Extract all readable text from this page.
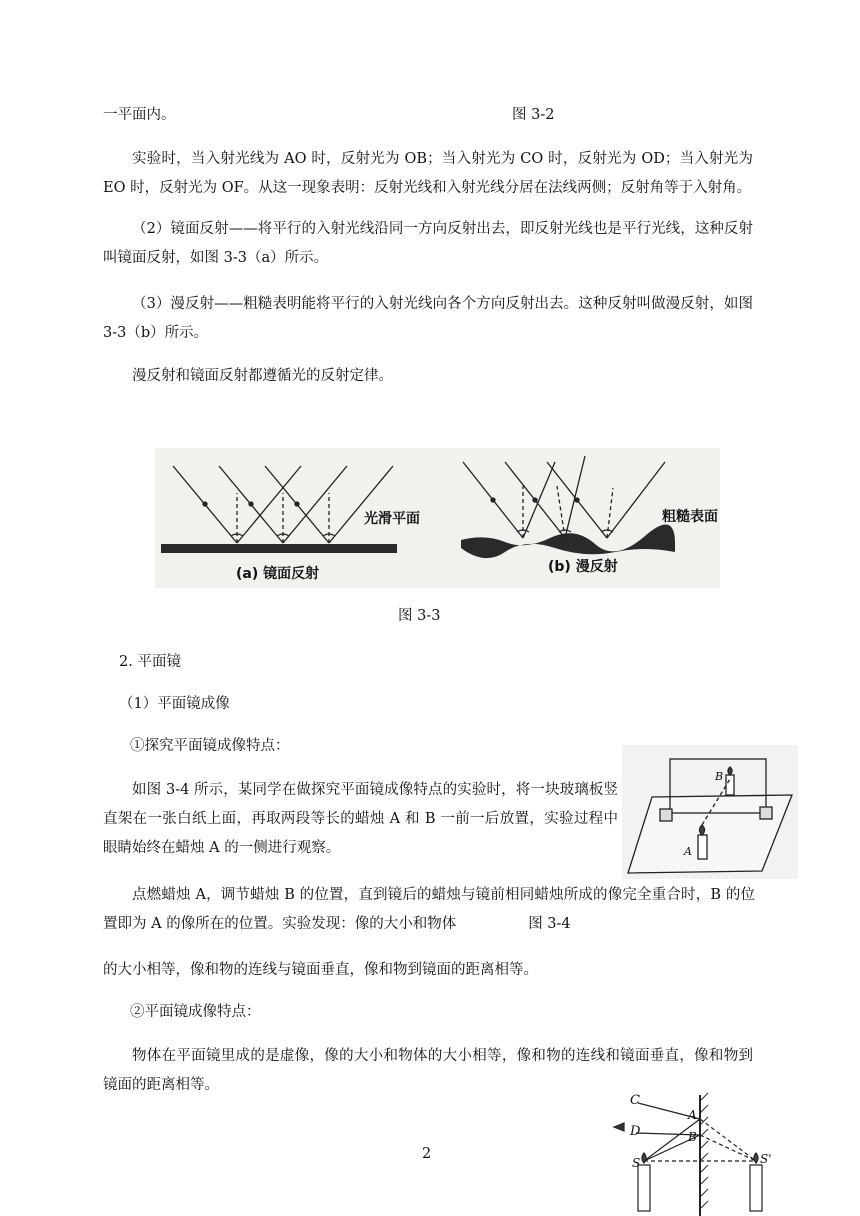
一平面内。	图 3-2
实验时，当入射光线为 AO 时，反射光为 OB；当入射光为 CO 时，反射光为 OD；当入射光为 EO 时，反射光为 OF。从这一现象表明：反射光线和入射光线分居在法线两侧；反射角等于入射角。
（2）镜面反射——将平行的入射光线沿同一方向反射出去，即反射光线也是平行光线，这种反射叫镜面反射，如图 3-3（a）所示。
（3）漫反射——粗糙表明能将平行的入射光线向各个方向反射出去。这种反射叫做漫反射，如图 3-3（b）所示。
漫反射和镜面反射都遵循光的反射定律。
光滑平面	粗糙表面
(a) 镜面反射	(b) 漫反射
图 3-3
2. 平面镜
（1）平面镜成像
①探究平面镜成像特点：
如图 3-4 所示，某同学在做探究平面镜成像特点的实验时，将一块玻璃板竖直架在一张白纸上面，再取两段等长的蜡烛 A 和 B 一前一后放置，实验过程中眼睛始终在蜡烛 A 的一侧进行观察。
B
A
点燃蜡烛 A，调节蜡烛 B 的位置，直到镜后的蜡烛与镜前相同蜡烛所成的像完全重合时，B 的位置即为 A 的像所在的位置。实验发现：像的大小和物体	图 3-4
的大小相等，像和物的连线与镜面垂直，像和物到镜面的距离相等。
②平面镜成像特点：
物体在平面镜里成的是虚像，像的大小和物体的大小相等，像和物的连线和镜面垂直，像和物到镜面的距离相等。
C
D
A
B
S	S'
2
